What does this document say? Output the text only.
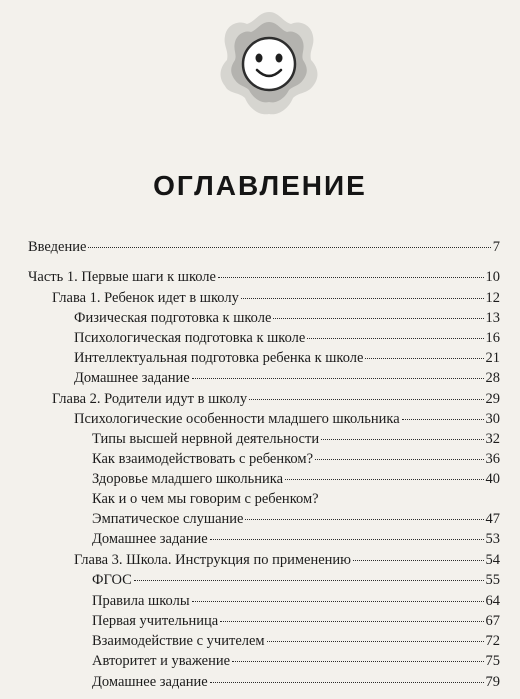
ОГЛАВЛЕНИЕ
Введение	7
Часть 1. Первые шаги к школе	10
Глава 1. Ребенок идет в школу	12
Физическая подготовка к школе	13
Психологическая подготовка к школе	16
Интеллектуальная подготовка ребенка к школе	21
Домашнее задание	28
Глава 2. Родители идут в школу	29
Психологические особенности младшего школьника	30
Типы высшей нервной деятельности	32
Как взаимодействовать с ребенком?	36
Здоровье младшего школьника	40
Как и о чем мы говорим с ребенком?
Эмпатическое слушание	47
Домашнее задание	53
Глава 3. Школа. Инструкция по применению	54
ФГОС	55
Правила школы	64
Первая учительница	67
Взаимодействие с учителем	72
Авторитет и уважение	75
Домашнее задание	79
